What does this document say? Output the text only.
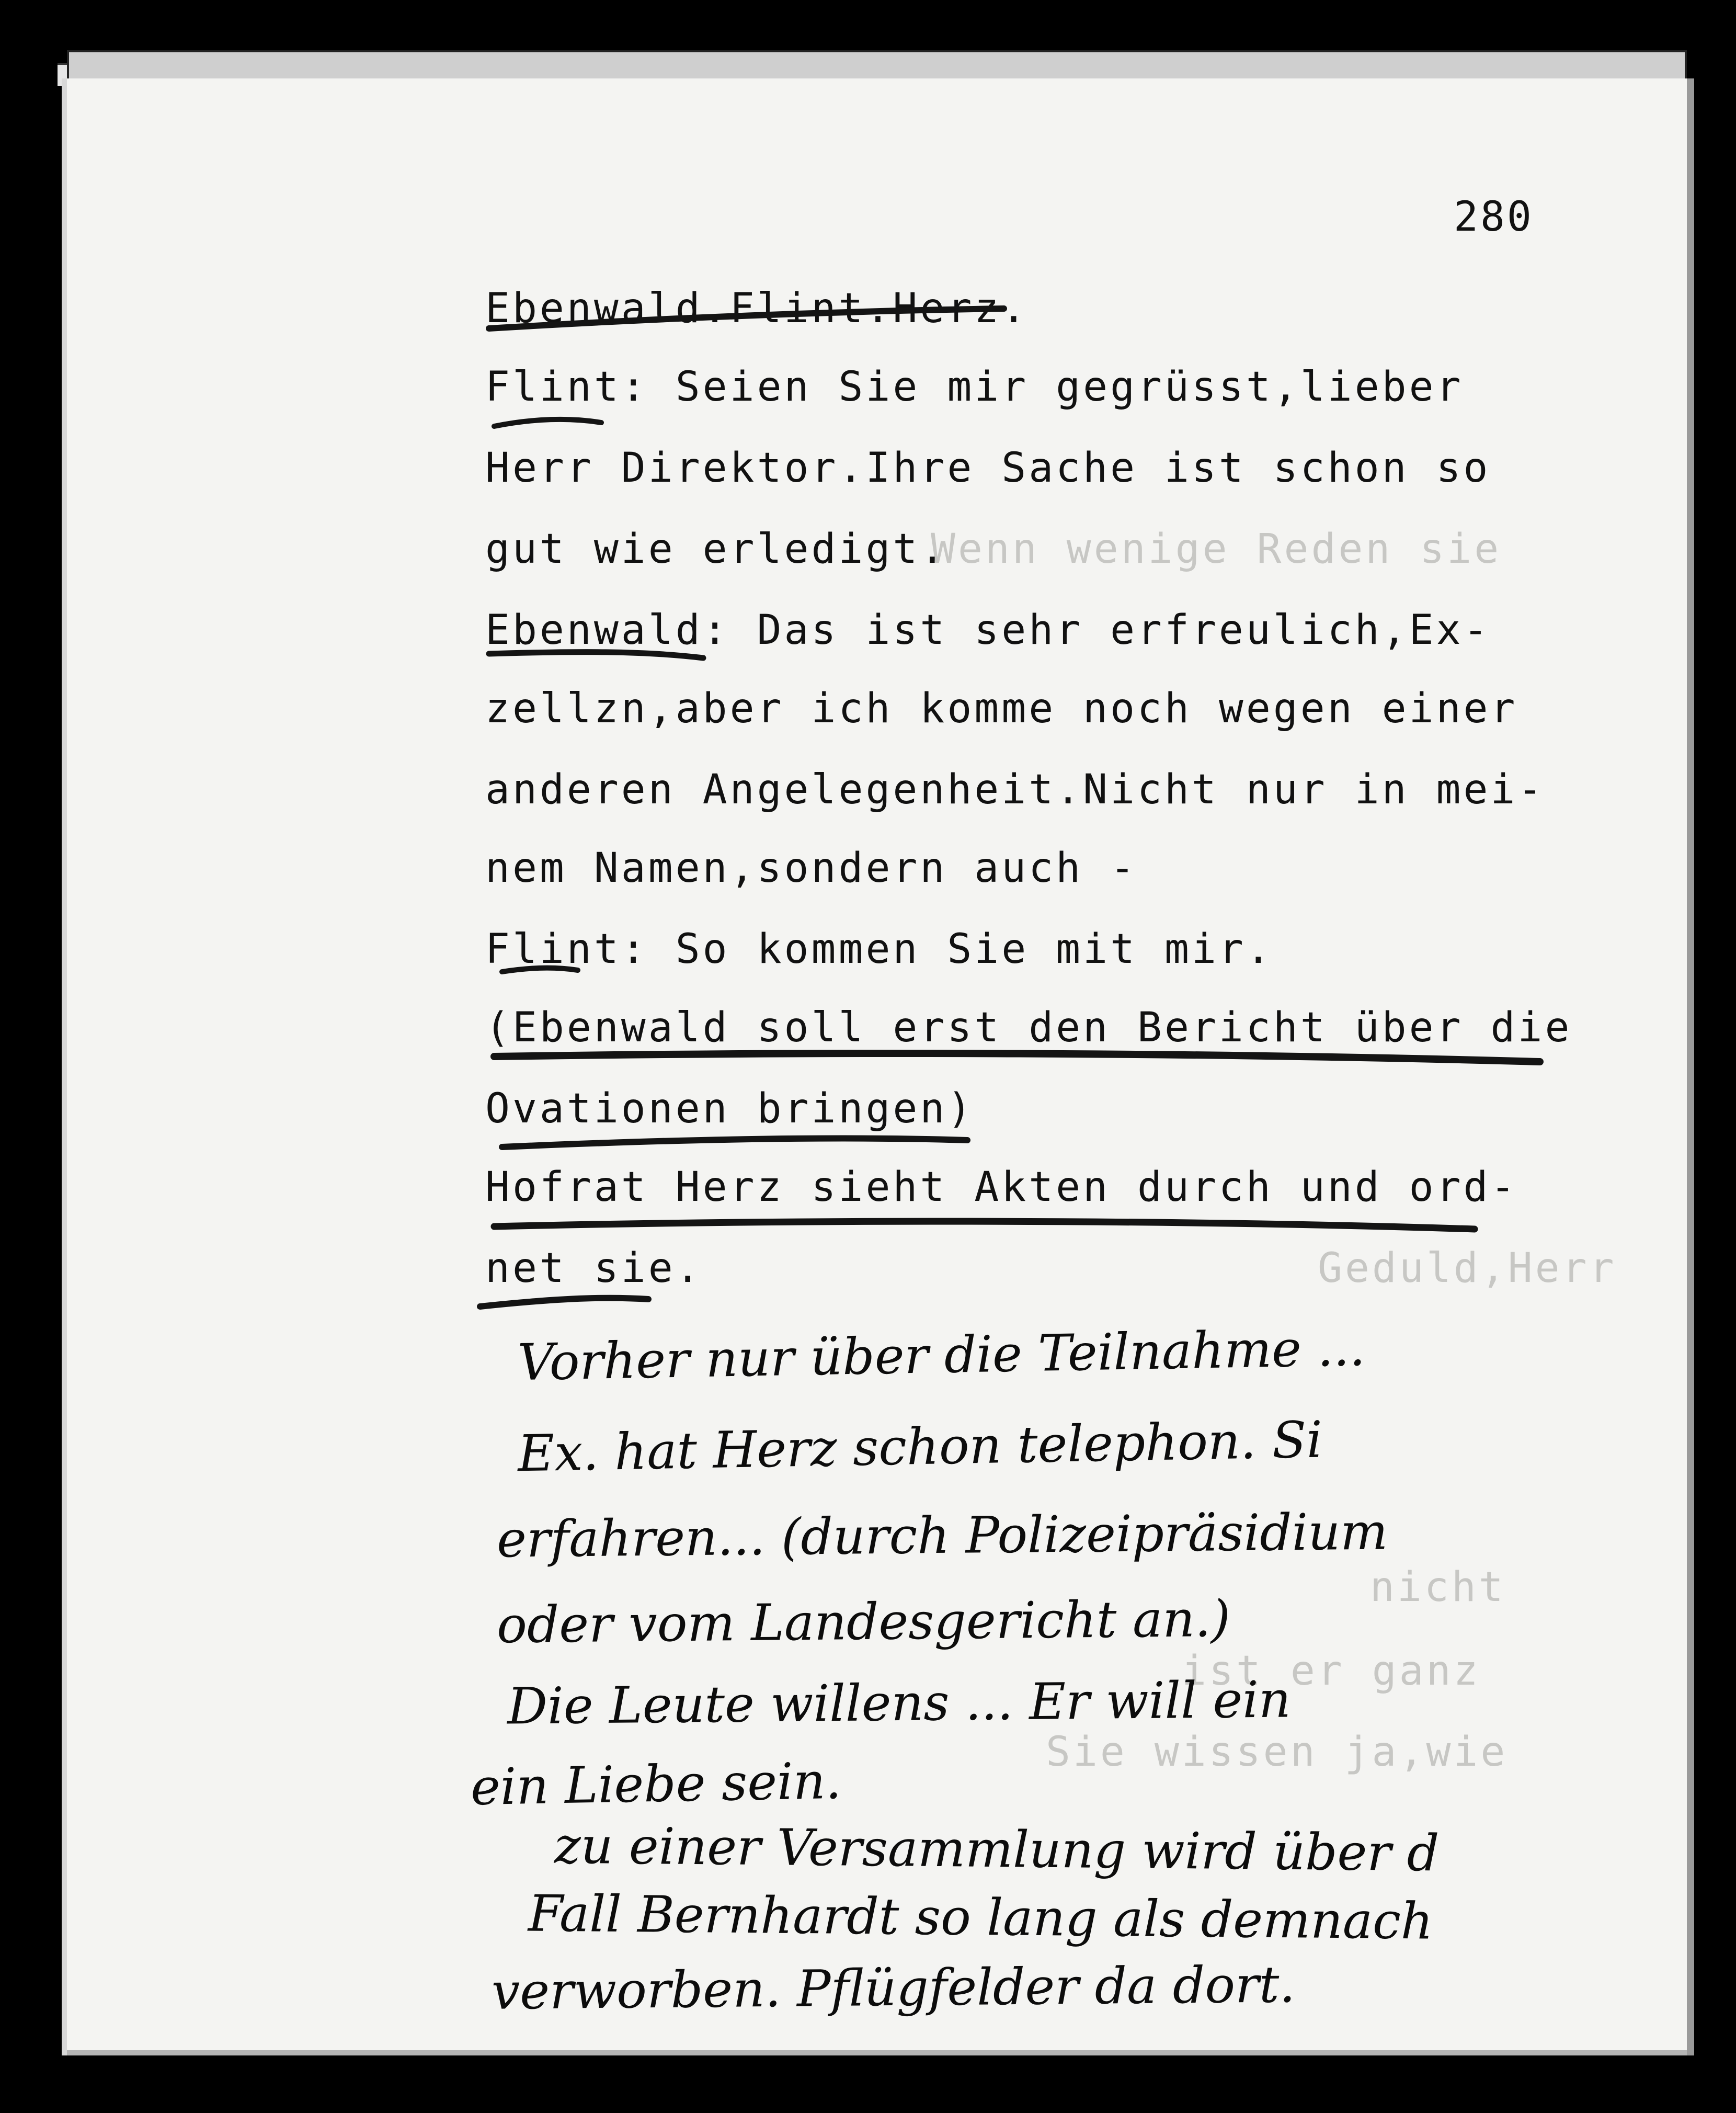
Wenn wenige Reden sie
Geduld,Herr
nicht
ist er ganz
Sie wissen ja,wie
280
Ebenwald.Flint.Herz.
Flint: Seien Sie mir gegrüsst,lieber
Herr Direktor.Ihre Sache ist schon so
gut wie erledigt.
Ebenwald: Das ist sehr erfreulich,Ex-
zellzn,aber ich komme noch wegen einer
anderen Angelegenheit.Nicht nur in mei-
nem Namen,sondern auch -
Flint: So kommen Sie mit mir.
(Ebenwald soll erst den Bericht über die
Ovationen bringen)
Hofrat Herz sieht Akten durch und ord-
net sie.
Vorher nur über die Teilnahme ...
Ex. hat Herz schon telephon. Si
erfahren... (durch Polizeipräsidium
oder vom Landesgericht an.)
Die Leute willens ... Er will ein
ein Liebe sein.
zu einer Versammlung wird über d
Fall Bernhardt so lang als demnach
verworben. Pflügfelder da dort.
